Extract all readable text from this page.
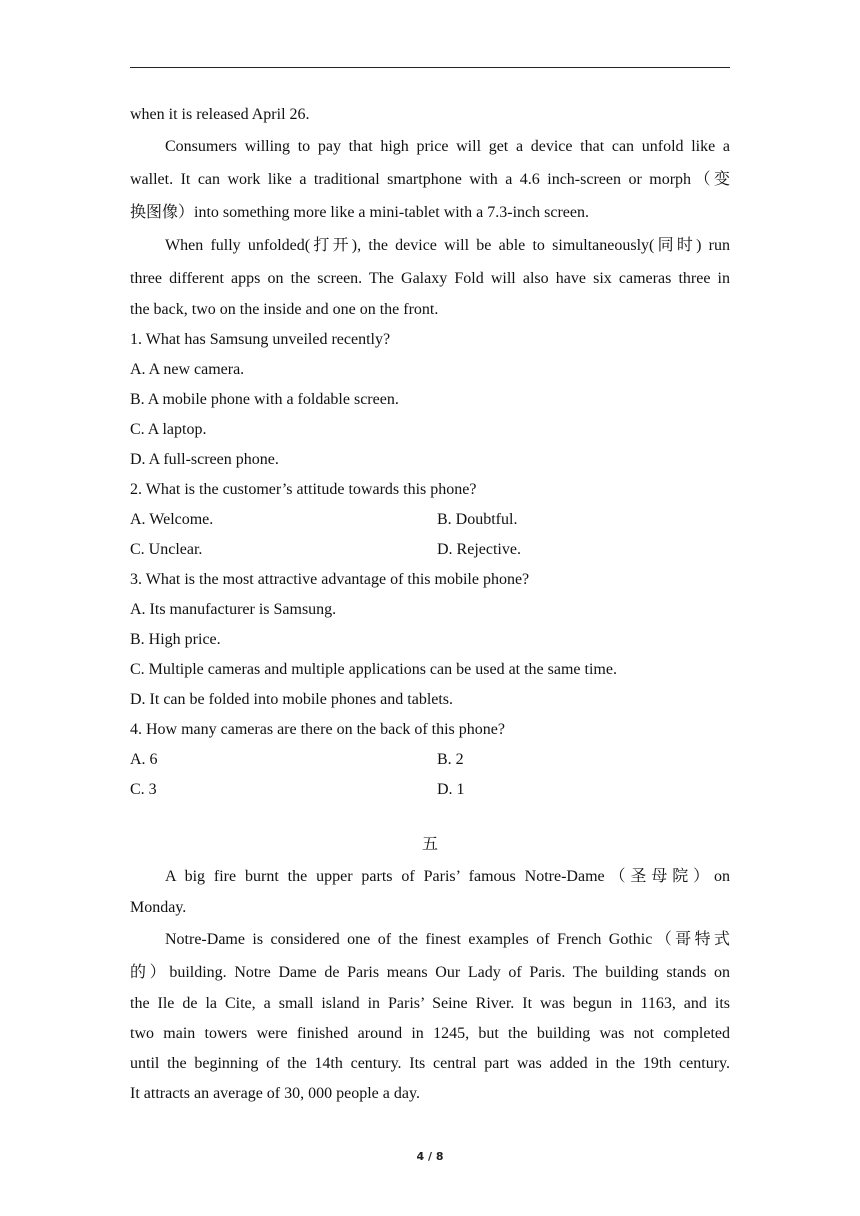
when it is released April 26.
Consumers willing to pay that high price will get a device that can unfold like a
wallet. It can work like a traditional smartphone with a 4.6 inch-screen or morph（变
换图像）into something more like a mini-tablet with a 7.3-inch screen.
When fully unfolded(打开), the device will be able to simultaneously(同时) run
three different apps on the screen. The Galaxy Fold will also have six cameras three in
the back, two on the inside and one on the front.
1. What has Samsung unveiled recently?
A. A new camera.
B. A mobile phone with a foldable screen.
C. A laptop.
D. A full-screen phone.
2. What is the customer’s attitude towards this phone?
A. Welcome.	B. Doubtful.
C. Unclear.	D. Rejective.
3. What is the most attractive advantage of this mobile phone?
A. Its manufacturer is Samsung.
B. High price.
C. Multiple cameras and multiple applications can be used at the same time.
D. It can be folded into mobile phones and tablets.
4. How many cameras are there on the back of this phone?
A. 6	B. 2
C. 3	D. 1
五
A big fire burnt the upper parts of Paris’ famous Notre-Dame（圣母院）on
Monday.
Notre-Dame is considered one of the finest examples of French Gothic（哥特式
的）building. Notre Dame de Paris means Our Lady of Paris. The building stands on
the Ile de la Cite, a small island in Paris’ Seine River. It was begun in 1163, and its
two main towers were finished around in 1245, but the building was not completed
until the beginning of the 14th century. Its central part was added in the 19th century.
It attracts an average of 30, 000 people a day.
4 / 8
